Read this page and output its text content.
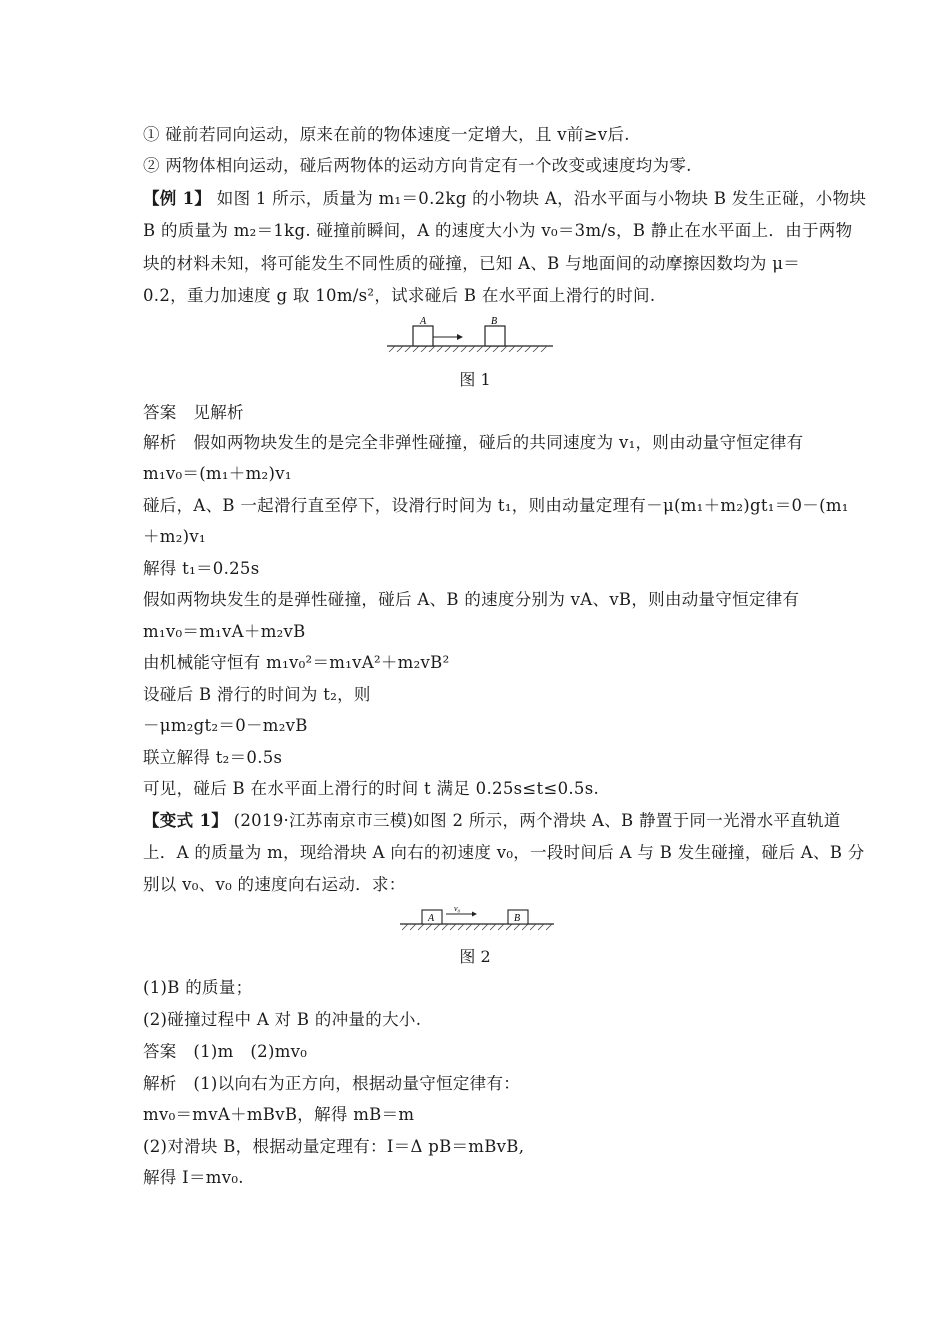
① 碰前若同向运动，原来在前的物体速度一定增大，且 v前≥v后.
② 两物体相向运动，碰后两物体的运动方向肯定有一个改变或速度均为零.
【例 1】 如图 1 所示，质量为 m₁＝0.2kg 的小物块 A，沿水平面与小物块 B 发生正碰，小物块
B 的质量为 m₂＝1kg. 碰撞前瞬间，A 的速度大小为 v₀＝3m/s，B 静止在水平面上．由于两物
块的材料未知，将可能发生不同性质的碰撞，已知 A、B 与地面间的动摩擦因数均为 μ＝
0.2，重力加速度 g 取 10m/s²，试求碰后 B 在水平面上滑行的时间.
A	B
图 1
答案　见解析
解析　假如两物块发生的是完全非弹性碰撞，碰后的共同速度为 v₁，则由动量守恒定律有
m₁v₀＝(m₁＋m₂)v₁
碰后，A、B 一起滑行直至停下，设滑行时间为 t₁，则由动量定理有－μ(m₁＋m₂)gt₁＝0－(m₁
＋m₂)v₁
解得 t₁＝0.25s
假如两物块发生的是弹性碰撞，碰后 A、B 的速度分别为 vA、vB，则由动量守恒定律有
m₁v₀＝m₁vA＋m₂vB
由机械能守恒有 m₁v₀²＝m₁vA²＋m₂vB²
设碰后 B 滑行的时间为 t₂，则
－μm₂gt₂＝0－m₂vB
联立解得 t₂＝0.5s
可见，碰后 B 在水平面上滑行的时间 t 满足 0.25s≤t≤0.5s.
【变式 1】 (2019·江苏南京市三模)如图 2 所示，两个滑块 A、B 静置于同一光滑水平直轨道
上．A 的质量为 m，现给滑块 A 向右的初速度 v₀，一段时间后 A 与 B 发生碰撞，碰后 A、B 分
别以 v₀、v₀ 的速度向右运动．求：
A
v₀
B
图 2
(1)B 的质量；
(2)碰撞过程中 A 对 B 的冲量的大小.
答案　(1)m　(2)mv₀
解析　(1)以向右为正方向，根据动量守恒定律有：
mv₀＝mvA＋mBvB，解得 mB＝m
(2)对滑块 B，根据动量定理有：I＝Δ pB＝mBvB,
解得 I＝mv₀.
